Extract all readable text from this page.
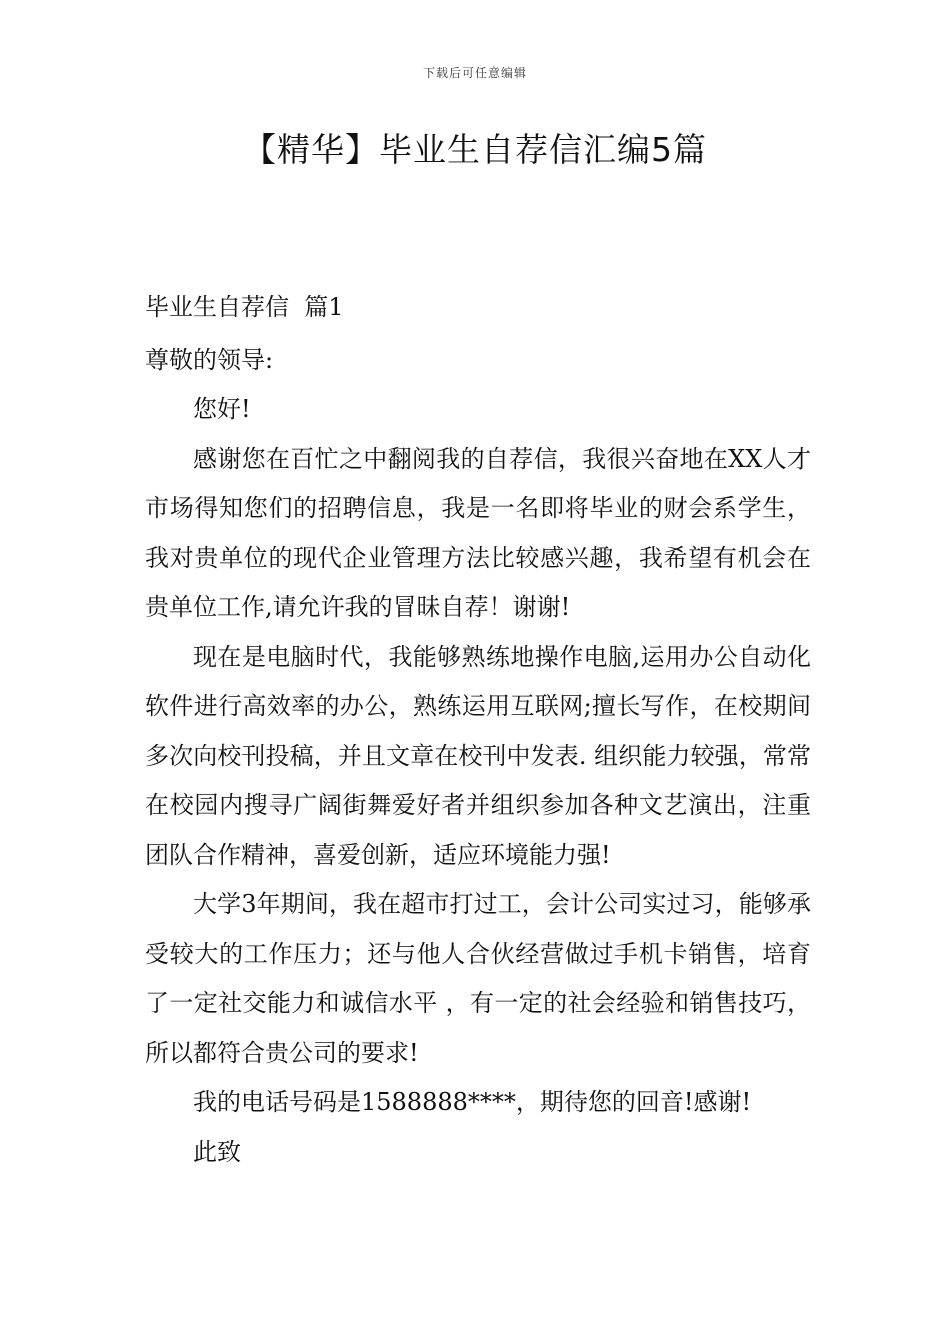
下载后可任意编辑
【精华】毕业生自荐信汇编5篇

毕业生自荐信  篇1

尊敬的领导:

您好!

感谢您在百忙之中翻阅我的自荐信，我很兴奋地在XX人才市场得知您们的招聘信息，我是一名即将毕业的财会系学生，我对贵单位的现代企业管理方法比较感兴趣，我希望有机会在贵单位工作,请允许我的冒昧自荐！谢谢!

现在是电脑时代，我能够熟练地操作电脑,运用办公自动化软件进行高效率的办公，熟练运用互联网;擅长写作，在校期间多次向校刊投稿，并且文章在校刊中发表. 组织能力较强，常常在校园内搜寻广阔街舞爱好者并组织参加各种文艺演出，注重团队合作精神，喜爱创新，适应环境能力强!

大学3年期间，我在超市打过工，会计公司实过习，能够承受较大的工作压力；还与他人合伙经营做过手机卡销售，培育了一定社交能力和诚信水平 ，有一定的社会经验和销售技巧，所以都符合贵公司的要求!

我的电话号码是1588888****，期待您的回音!感谢!

此致
